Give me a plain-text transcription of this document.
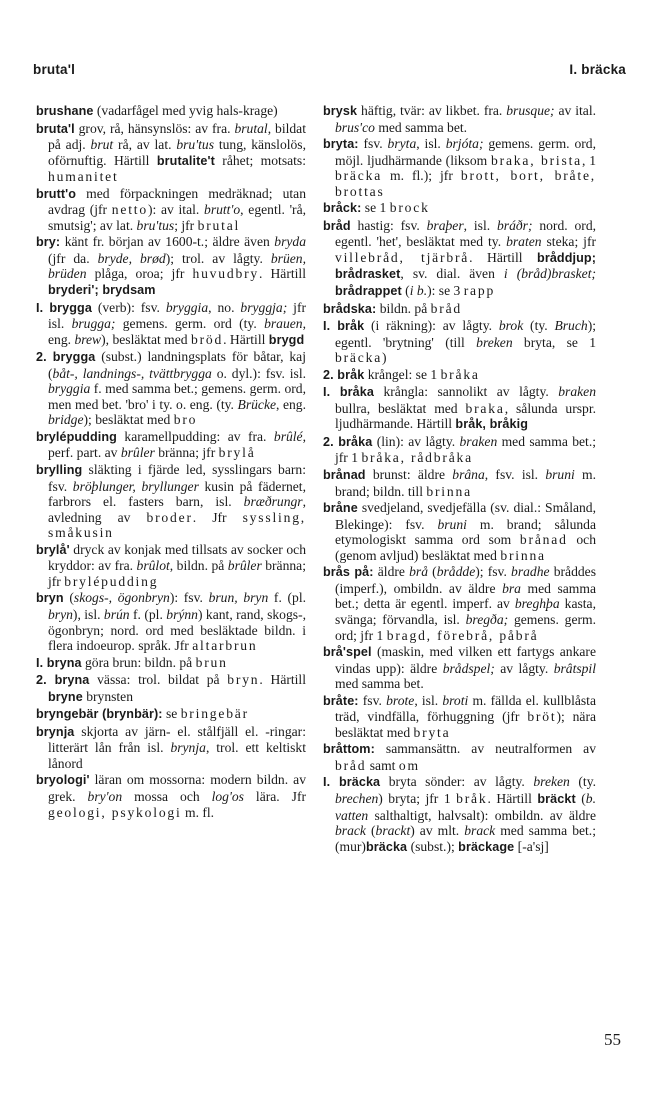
bruta'l	I. bräcka

brushane (vadarfågel med yvig hals-krage)

bruta'l grov, rå, hänsynslös: av fra. brutal, bildat på adj. brut rå, av lat. bru'tus tung, känslolös, oförnuftig. Härtill brutalite't råhet; motsats: humanitet

brutt'o med förpackningen medräknad; utan avdrag (jfr netto): av ital. brutt'o, egentl. 'rå, smutsig'; av lat. bru'tus; jfr brutal

bry: känt fr. början av 1600-t.; äldre även bryda (jfr da. bryde, brød); trol. av lågty. brüen, brüden plåga, oroa; jfr huvudbry. Härtill bryderi'; brydsam

I. brygga (verb): fsv. bryggia, no. bryggja; jfr isl. brugga; gemens. germ. ord (ty. brauen, eng. brew), besläktat med bröd. Härtill brygd

2. brygga (subst.) landningsplats för båtar, kaj (båt-, landnings-, tvättbrygga o. dyl.): fsv. isl. bryggia f. med samma bet.; gemens. germ. ord, men med bet. 'bro' i ty. o. eng. (ty. Brücke, eng. bridge); besläktat med bro

brylépudding karamellpudding: av fra. brûlé, perf. part. av brûler bränna; jfr brylå

brylling släkting i fjärde led, sysslingars barn: fsv. bröþlunger, bryllunger kusin på fädernet, farbrors el. fasters barn, isl. bræðrungr, avledning av broder. Jfr syssling, småkusin

brylå' dryck av konjak med tillsats av socker och kryddor: av fra. brûlot, bildn. på brûler bränna; jfr brylépudding

bryn (skogs-, ögonbryn): fsv. brun, bryn f. (pl. bryn), isl. brún f. (pl. brýnn) kant, rand, skogs-, ögonbryn; nord. ord med besläktade bildn. i flera indoeurop. språk. Jfr altarbrun

I. bryna göra brun: bildn. på brun

2. bryna vässa: trol. bildat på bryn. Härtill bryne brynsten

bryngebär (brynbär): se bringebär

brynja skjorta av järn- el. stålfjäll el. -ringar: litterärt lån från isl. brynja, trol. ett keltiskt lånord

bryologi' läran om mossorna: modern bildn. av grek. bry'on mossa och log'os lära. Jfr geologi, psykologi m. fl.

brysk häftig, tvär: av likbet. fra. brusque; av ital. brus'co med samma bet.

bryta: fsv. bryta, isl. brjóta; gemens. germ. ord, möjl. ljudhärmande (liksom braka, brista, 1 bräcka m. fl.); jfr brott, bort, bråte, brottas

bråck: se 1 brock

bråd hastig: fsv. braþer, isl. bráðr; nord. ord, egentl. 'het', besläktat med ty. braten steka; jfr villebråd, tjärbrå. Härtill bråddjup; brådrasket, sv. dial. även i (bråd)brasket; brådrappet (i b.): se 3 rapp

brådska: bildn. på bråd

I. bråk (i räkning): av lågty. brok (ty. Bruch); egentl. 'brytning' (till breken bryta, se 1 bräcka)

2. bråk krångel: se 1 bråka

I. bråka krångla: sannolikt av lågty. braken bullra, besläktat med braka, sålunda urspr. ljudhärmande. Härtill bråk, bråkig

2. bråka (lin): av lågty. braken med samma bet.; jfr 1 bråka, rådbråka

brånad brunst: äldre brâna, fsv. isl. bruni m. brand; bildn. till brinna

bråne svedjeland, svedjefälla (sv. dial.: Småland, Blekinge): fsv. bruni m. brand; sålunda etymologiskt samma ord som brånad och (genom avljud) besläktat med brinna

brås på: äldre brå (brådde); fsv. bradhe bråddes (imperf.), ombildn. av äldre bra med samma bet.; detta är egentl. imperf. av breghþa kasta, svänga; förvandla, isl. bregða; gemens. germ. ord; jfr 1 bragd, förebrå, påbrå

brå'spel (maskin, med vilken ett fartygs ankare vindas upp): äldre brådspel; av lågty. brâtspil med samma bet.

bråte: fsv. brote, isl. broti m. fällda el. kullblåsta träd, vindfälla, förhuggning (jfr bröt); nära besläktat med bryta

bråttom: sammansättn. av neutralformen av bråd samt om

I. bräcka bryta sönder: av lågty. breken (ty. brechen) bryta; jfr 1 bråk. Härtill bräckt (b. vatten salthaltigt, halvsalt): ombildn. av äldre brack (brackt) av mlt. brack med samma bet.; (mur)bräcka (subst.); bräckage [-a'sj]

55
